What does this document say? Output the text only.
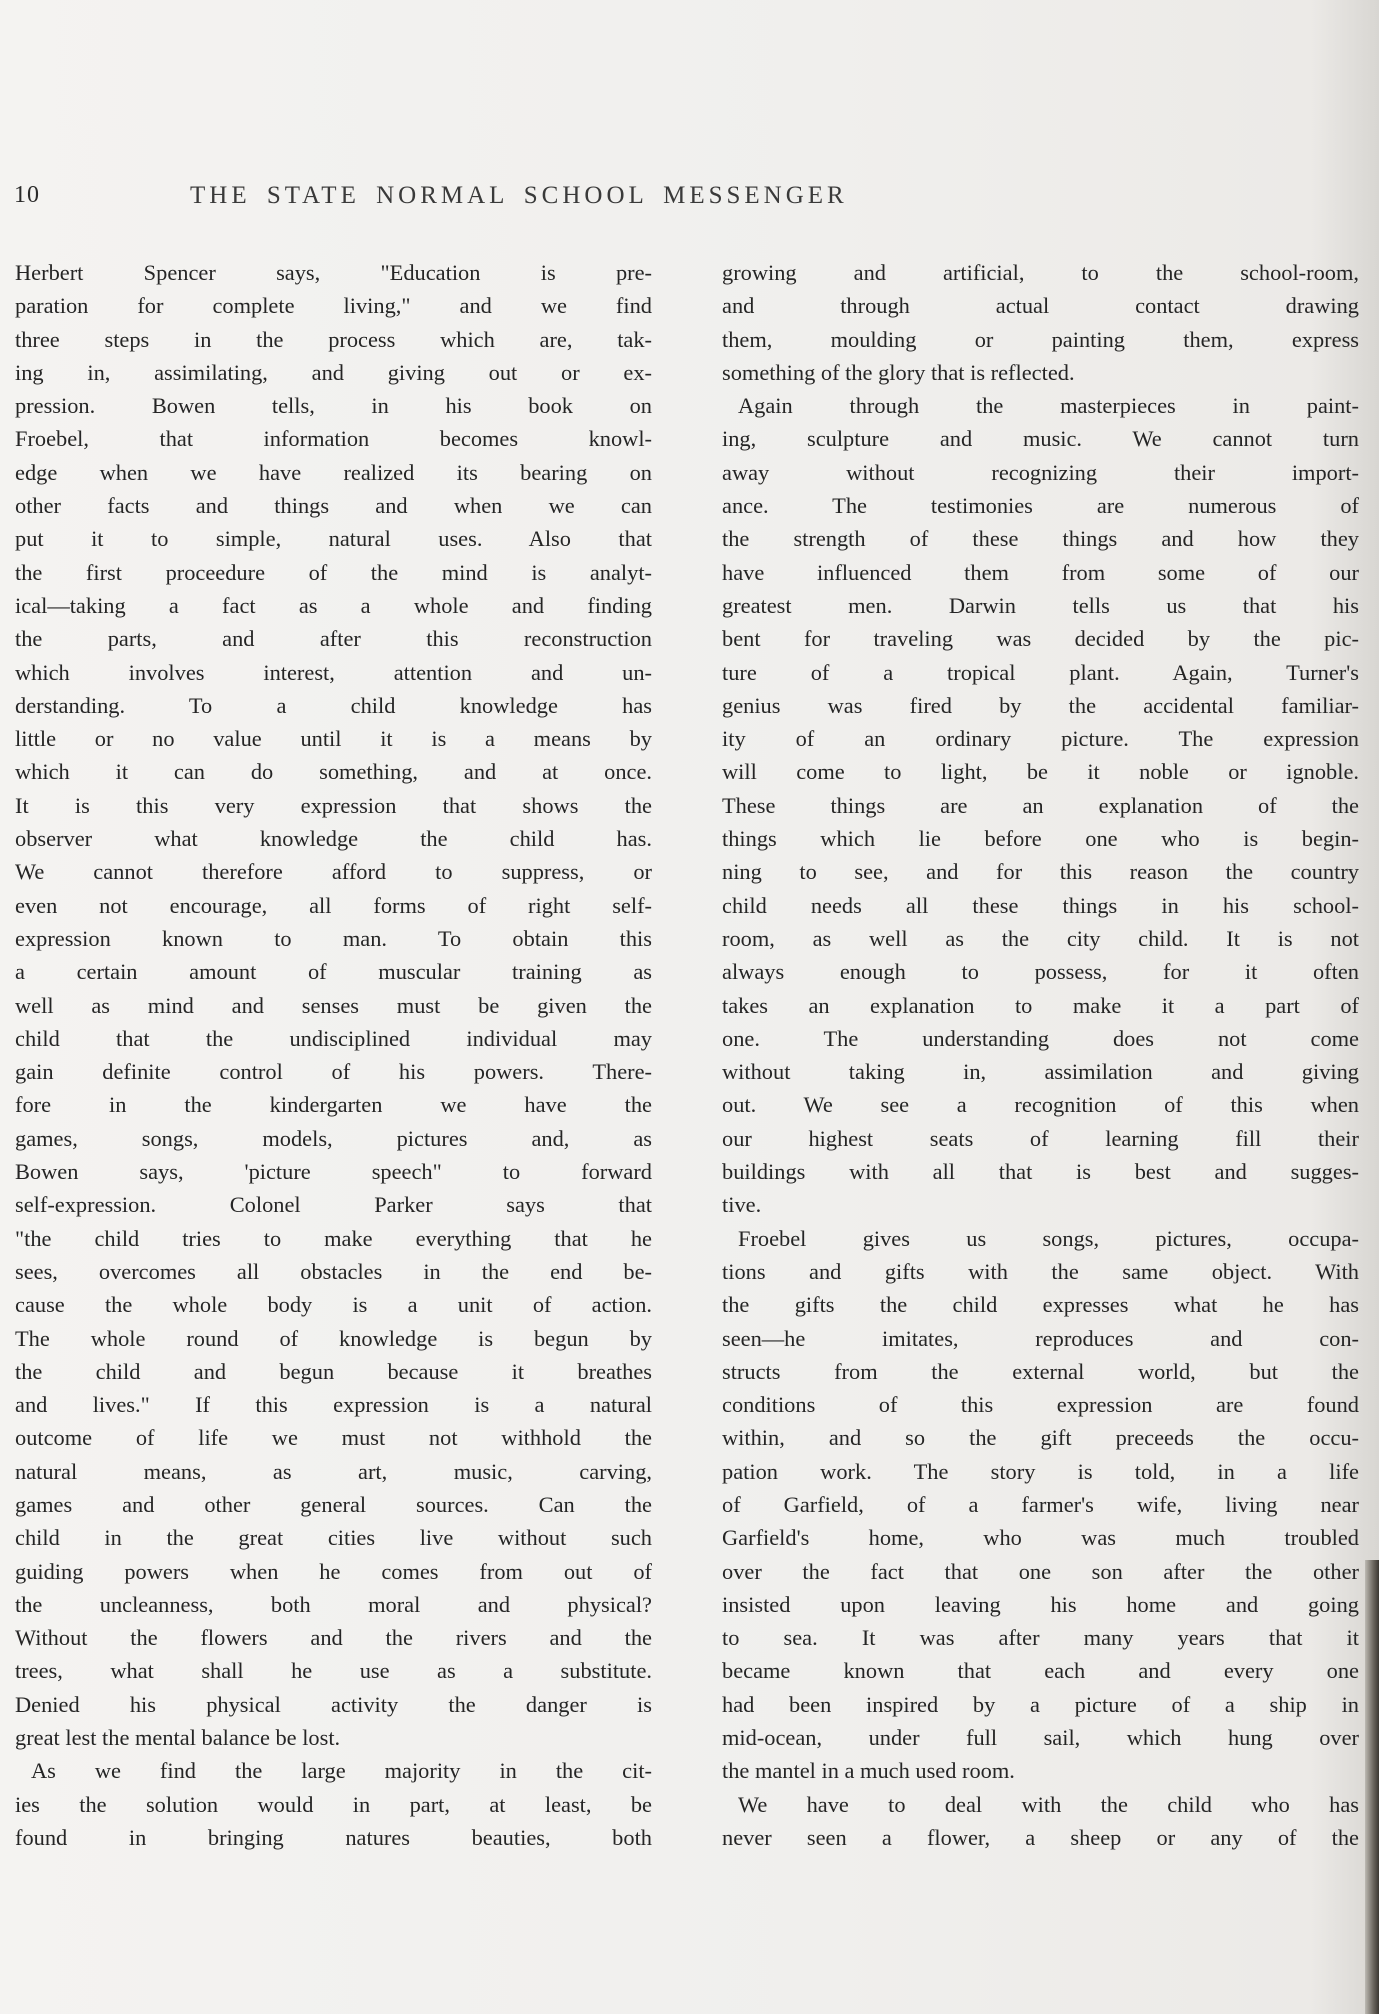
10	THE STATE NORMAL SCHOOL MESSENGER
Herbert Spencer says, "Education is pre-
paration for complete living," and we find
three steps in the process which are, tak-
ing in, assimilating, and giving out or ex-
pression. Bowen tells, in his book on
Froebel, that information becomes knowl-
edge when we have realized its bearing on
other facts and things and when we can
put it to simple, natural uses. Also that
the first proceedure of the mind is analyt-
ical—taking a fact as a whole and finding
the parts, and after this reconstruction
which involves interest, attention and un-
derstanding. To a child knowledge has
little or no value until it is a means by
which it can do something, and at once.
It is this very expression that shows the
observer what knowledge the child has.
We cannot therefore afford to suppress, or
even not encourage, all forms of right self-
expression known to man. To obtain this
a certain amount of muscular training as
well as mind and senses must be given the
child that the undisciplined individual may
gain definite control of his powers. There-
fore in the kindergarten we have the
games, songs, models, pictures and, as
Bowen says, 'picture speech" to forward
self-expression. Colonel Parker says that
"the child tries to make everything that he
sees, overcomes all obstacles in the end be-
cause the whole body is a unit of action.
The whole round of knowledge is begun by
the child and begun because it breathes
and lives." If this expression is a natural
outcome of life we must not withhold the
natural means, as art, music, carving,
games and other general sources. Can the
child in the great cities live without such
guiding powers when he comes from out of
the uncleanness, both moral and physical?
Without the flowers and the rivers and the
trees, what shall he use as a substitute.
Denied his physical activity the danger is
great lest the mental balance be lost.
As we find the large majority in the cit-
ies the solution would in part, at least, be
found in bringing natures beauties, both
growing and artificial, to the school-room,
and through actual contact drawing
them, moulding or painting them, express
something of the glory that is reflected.
Again through the masterpieces in paint-
ing, sculpture and music. We cannot turn
away without recognizing their import-
ance. The testimonies are numerous of
the strength of these things and how they
have influenced them from some of our
greatest men. Darwin tells us that his
bent for traveling was decided by the pic-
ture of a tropical plant. Again, Turner's
genius was fired by the accidental familiar-
ity of an ordinary picture. The expression
will come to light, be it noble or ignoble.
These things are an explanation of the
things which lie before one who is begin-
ning to see, and for this reason the country
child needs all these things in his school-
room, as well as the city child. It is not
always enough to possess, for it often
takes an explanation to make it a part of
one. The understanding does not come
without taking in, assimilation and giving
out. We see a recognition of this when
our highest seats of learning fill their
buildings with all that is best and sugges-
tive.
Froebel gives us songs, pictures, occupa-
tions and gifts with the same object. With
the gifts the child expresses what he has
seen—he imitates, reproduces and con-
structs from the external world, but the
conditions of this expression are found
within, and so the gift preceeds the occu-
pation work. The story is told, in a life
of Garfield, of a farmer's wife, living near
Garfield's home, who was much troubled
over the fact that one son after the other
insisted upon leaving his home and going
to sea. It was after many years that it
became known that each and every one
had been inspired by a picture of a ship in
mid-ocean, under full sail, which hung over
the mantel in a much used room.
We have to deal with the child who has
never seen a flower, a sheep or any of the
